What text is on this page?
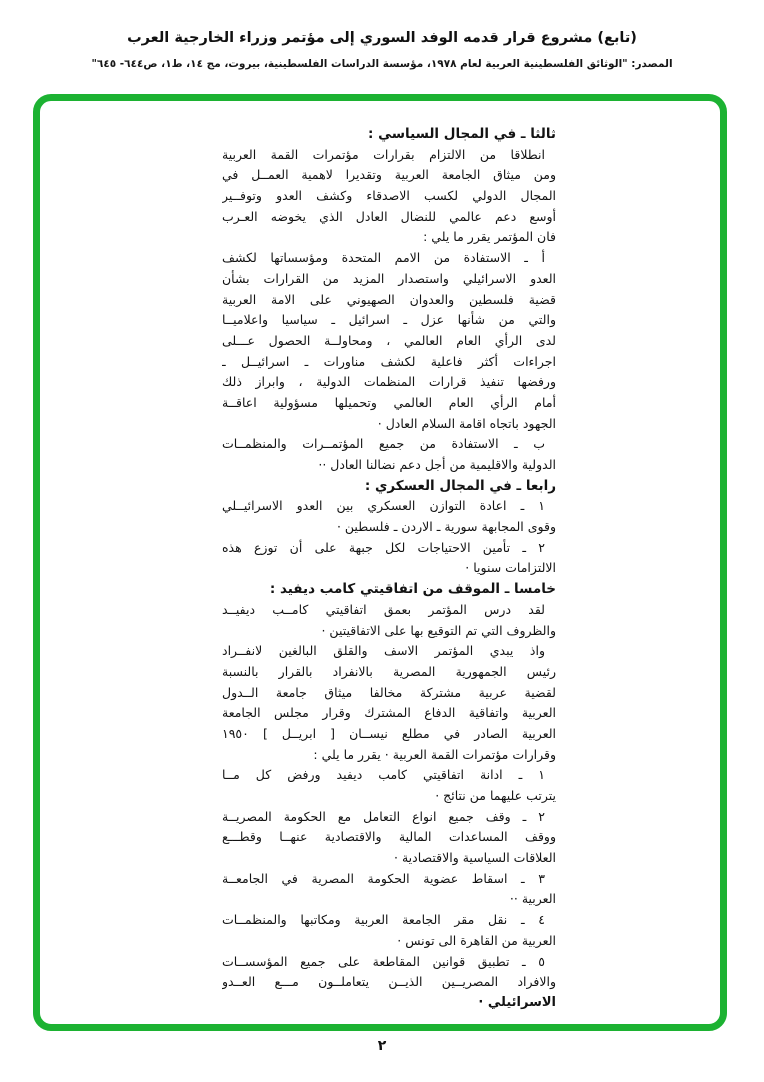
(تابع) مشروع قرار قدمه الوفد السوري إلى مؤتمر وزراء الخارجية العرب
المصدر: "الوثائق الفلسطينية العربية لعام ١٩٧٨، مؤسسة الدراسات الفلسطينية، بيروت، مج ١٤، ط١، ص٦٤٤- ٦٤٥"
ثالثا ـ في المجال السياسي :
انطلاقا من الالتزام بقرارات مؤتمرات القمة العربية
ومن ميثاق الجامعة العربية وتقديرا لاهمية العمــل في
المجال الدولي لكسب الاصدقاء وكشف العدو وتوفــير
أوسع دعم عالمي للنضال العادل الذي يخوضه العـرب
فان المؤتمر يقرر ما يلي :
أ ـ الاستفادة من الامم المتحدة ومؤسساتها لكشف
العدو الاسرائيلي واستصدار المزيد من القرارات بشأن
قضية فلسطين والعدوان الصهيوني على الامة العربية
والتي من شأنها عزل ـ اسرائيل ـ سياسيا واعلاميــا
لدى الرأي العام العالمي ، ومحاولــة الحصول عـــلى
اجراءات أكثر فاعلية لكشف مناورات ـ اسرائيــل ـ
ورفضها تنفيذ قرارات المنظمات الدولية ، وابراز ذلك
أمام الرأي العام العالمي وتحميلها مسؤولية اعاقــة
الجهود باتجاه اقامة السلام العادل ·
ب ـ الاستفادة من جميع المؤتمــرات والمنظمــات
الدولية والاقليمية من أجل دعم نضالنا العادل ··
رابعا ـ في المجال العسكري :
١ ـ اعادة التوازن العسكري بين العدو الاسرائيــلي
وقوى المجابهة سورية ـ الاردن ـ فلسطين ·
٢ ـ تأمين الاحتياجات لكل جبهة على أن توزع هذه
الالتزامات سنويا ·
خامسا ـ الموقف من اتفاقيتي كامب ديفيد :
لقد درس المؤتمر بعمق اتفاقيتي كامــب ديفيــد
والظروف التي تم التوقيع بها على الاتفاقيتين ·
واذ يبدي المؤتمر الاسف والقلق البالغين لانفــراد
رئيس الجمهورية المصرية بالانفراد بالقرار بالنسبة
لقضية عربية مشتركة مخالفا ميثاق جامعة الــدول
العربية واتفاقية الدفاع المشترك وقرار مجلس الجامعة
العربية الصادر في مطلع نيســان [ ابريــل ] ١٩٥٠
وقرارات مؤتمرات القمة العربية · يقرر ما يلي :
١ ـ ادانة اتفاقيتي كامب ديفيد ورفض كل مــا
يترتب عليهما من نتائج ·
٢ ـ وقف جميع انواع التعامل مع الحكومة المصريــة
ووقف المساعدات المالية والاقتصادية عنهــا وقطـــع
العلاقات السياسية والاقتصادية ·
٣ ـ اسقاط عضوية الحكومة المصرية في الجامعــة
العربية ··
٤ ـ نقل مقر الجامعة العربية ومكاتبها والمنظمــات
العربية من القاهرة الى تونس ·
٥ ـ تطبيق قوانين المقاطعة على جميع المؤسســات
والافراد المصريــين الذيــن يتعاملــون مـــع العــدو
الاسرائيلي ·
٢
